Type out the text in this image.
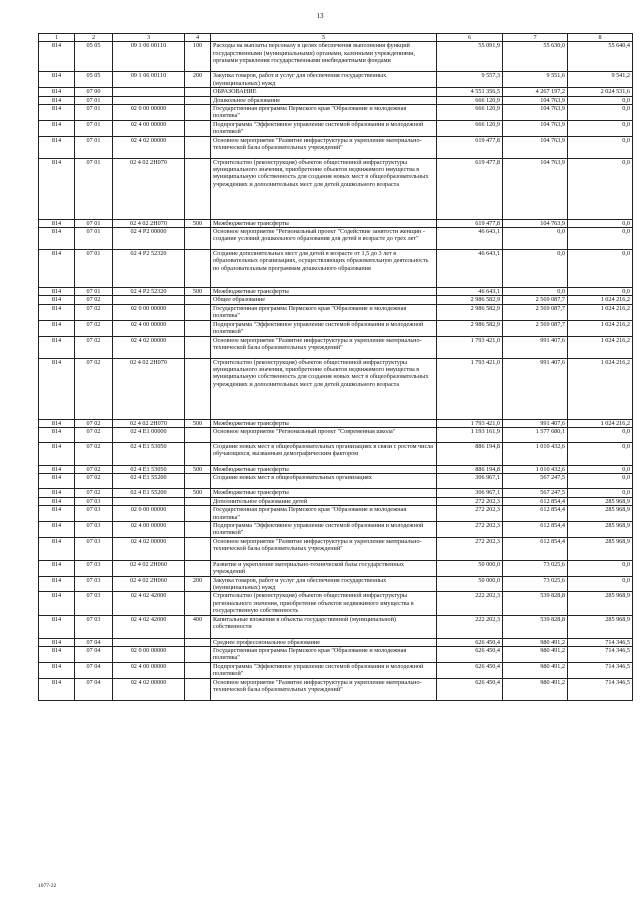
13
1	2	3	4	5	6	7	8
814	05 05	09 1 06 00110	100	Расходы на выплаты персоналу в целях обеспечения выполнения функций государственными (муниципальными) органами, казенными учреждениями, органами управления государственными внебюджетными фондами	55 091,9	55 630,0	55 640,4
814	05 05	09 1 06 00110	200	Закупка товаров, работ и услуг для обеспечения государственных (муниципальных) нужд	9 557,3	9 551,6	9 541,2
814	07 00			ОБРАЗОВАНИЕ	4 551 356,5	4 267 197,2	2 024 531,6
814	07 01			Дошкольное образование	666 120,9	104 763,9	0,0
814	07 01	02 0 00 00000		Государственная программа Пермского края "Образование и молодежная политика"	666 120,9	104 763,9	0,0
814	07 01	02 4 00 00000		Подпрограмма "Эффективное управление системой образования и молодежной политикой"	666 120,9	104 763,9	0,0
814	07 01	02 4 02 00000		Основное мероприятие "Развитие инфраструктуры и укрепление материально-технической базы образовательных учреждений"	619 477,8	104 763,9	0,0
814	07 01	02 4 02 2Н070		Строительство (реконструкция) объектов общественной инфраструктуры муниципального значения, приобретение объектов недвижимого имущества в муниципальную собственность для создания новых мест в общеобразовательных учреждениях и дополнительных мест для детей дошкольного возраста	619 477,8	104 763,9	0,0
814	07 01	02 4 02 2Н070	500	Межбюджетные трансферты	619 477,8	104 763,9	0,0
814	07 01	02 4 P2 00000		Основное мероприятие "Региональный проект "Содействие занятости женщин - создание условий дошкольного образования для детей в возрасте до трех лет"	46 643,1	0,0	0,0
814	07 01	02 4 P2 52320		Создание дополнительных мест для детей в возрасте от 1,5 до 3 лет в образовательных организациях, осуществляющих образовательную деятельность по образовательным программам дошкольного образования	46 643,1	0,0	0,0
814	07 01	02 4 P2 52320	500	Межбюджетные трансферты	46 643,1	0,0	0,0
814	07 02			Общее образование	2 986 582,9	2 569 087,7	1 024 216,2
814	07 02	02 0 00 00000		Государственная программа Пермского края "Образование и молодежная политика"	2 986 582,9	2 569 087,7	1 024 216,2
814	07 02	02 4 00 00000		Подпрограмма "Эффективное управление системой образования и молодежной политикой"	2 986 582,9	2 569 087,7	1 024 216,2
814	07 02	02 4 02 00000		Основное мероприятие "Развитие инфраструктуры и укрепление материально-технической базы образовательных учреждений"	1 793 421,0	991 407,6	1 024 216,2
814	07 02	02 4 02 2Н070		Строительство (реконструкция) объектов общественной инфраструктуры муниципального значения, приобретение объектов недвижимого имущества в муниципальную собственность для создания новых мест в общеобразовательных учреждениях и дополнительных мест для детей дошкольного возраста	1 793 421,0	991 407,6	1 024 216,2
814	07 02	02 4 02 2Н070	500	Межбюджетные трансферты	1 793 421,0	991 407,6	1 024 216,2
814	07 02	02 4 E1 00000		Основное мероприятие "Региональный проект "Современная школа"	1 193 161,9	1 577 680,1	0,0
814	07 02	02 4 E1 53050		Создание новых мест в общеобразовательных организациях в связи с ростом числа обучающихся, вызванным демографическим фактором	886 194,8	1 010 432,6	0,0
814	07 02	02 4 E1 53050	500	Межбюджетные трансферты	886 194,8	1 010 432,6	0,0
814	07 02	02 4 E1 55200		Создание новых мест в общеобразовательных организациях	306 967,1	567 247,5	0,0
814	07 02	02 4 E1 55200	500	Межбюджетные трансферты	306 967,1	567 247,5	0,0
814	07 03			Дополнительное образование детей	272 202,3	612 854,4	285 968,9
814	07 03	02 0 00 00000		Государственная программа Пермского края "Образование и молодежная политика"	272 202,3	612 854,4	285 968,9
814	07 03	02 4 00 00000		Подпрограмма "Эффективное управление системой образования и молодежной политикой"	272 202,3	612 854,4	285 968,9
814	07 03	02 4 02 00000		Основное мероприятие "Развитие инфраструктуры и укрепление материально-технической базы образовательных учреждений"	272 202,3	612 854,4	285 968,9
814	07 03	02 4 02 2Н060		Развитие и укрепление материально-технической базы государственных учреждений	50 000,0	73 025,6	0,0
814	07 03	02 4 02 2Н060	200	Закупка товаров, работ и услуг для обеспечения государственных (муниципальных) нужд	50 000,0	73 025,6	0,0
814	07 03	02 4 02 42000		Строительство (реконструкция) объектов общественной инфраструктуры регионального значения, приобретение объектов недвижимого имущества в государственную собственность	222 202,3	539 828,8	285 968,9
814	07 03	02 4 02 42000	400	Капитальные вложения в объекты государственной (муниципальной) собственности	222 202,3	539 828,8	285 968,9
814	07 04			Среднее профессиональное образование	626 450,4	980 491,2	714 346,5
814	07 04	02 0 00 00000		Государственная программа Пермского края "Образование и молодежная политика"	626 450,4	980 491,2	714 346,5
814	07 04	02 4 00 00000		Подпрограмма "Эффективное управление системой образования и молодежной политикой"	626 450,4	980 491,2	714 346,5
814	07 04	02 4 02 00000		Основное мероприятие "Развитие инфраструктуры и укрепление материально-технической базы образовательных учреждений"	626 450,4	980 491,2	714 346,5
1077-22
